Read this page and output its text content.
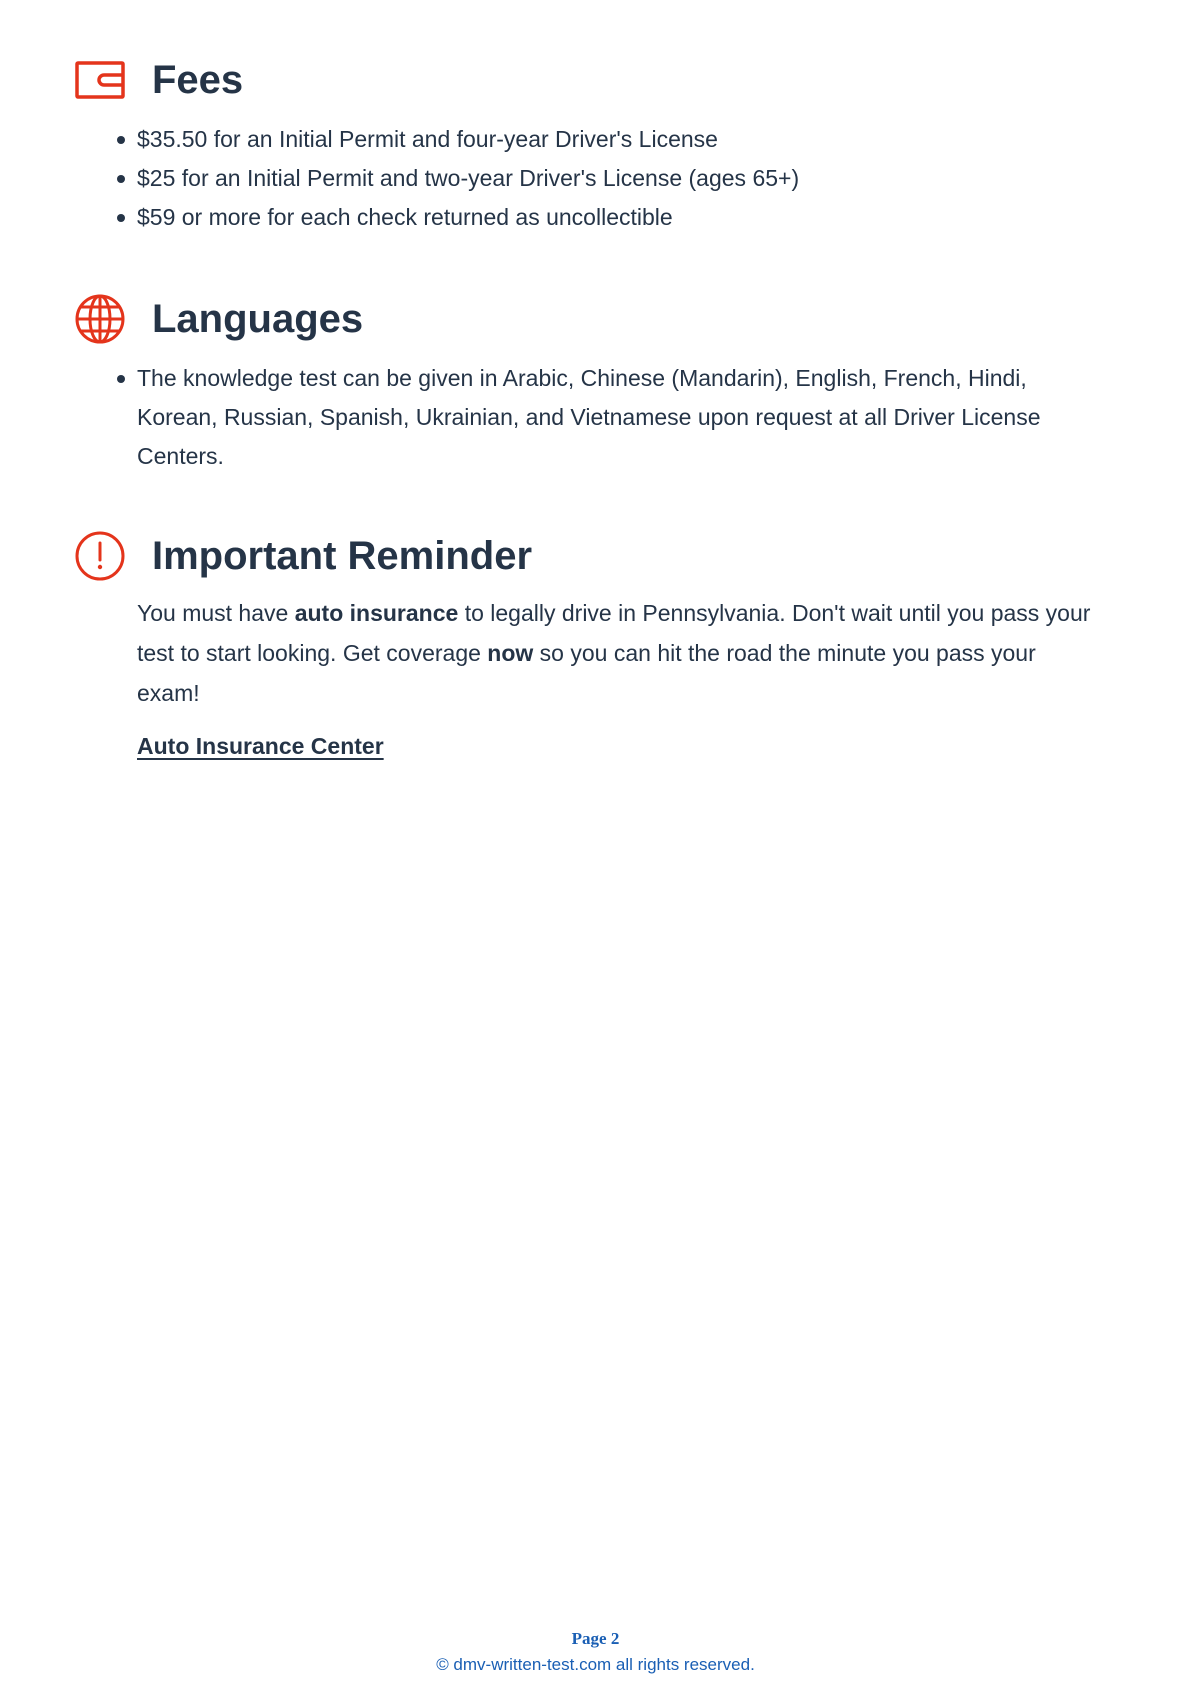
Fees
$35.50 for an Initial Permit and four-year Driver's License
$25 for an Initial Permit and two-year Driver's License (ages 65+)
$59 or more for each check returned as uncollectible
Languages
The knowledge test can be given in Arabic, Chinese (Mandarin), English, French, Hindi, Korean, Russian, Spanish, Ukrainian, and Vietnamese upon request at all Driver License Centers.
Important Reminder

You must have auto insurance to legally drive in Pennsylvania. Don't wait until you pass your test to start looking. Get coverage now so you can hit the road the minute you pass your exam!

Auto Insurance Center
Page 2
© dmv-written-test.com all rights reserved.
